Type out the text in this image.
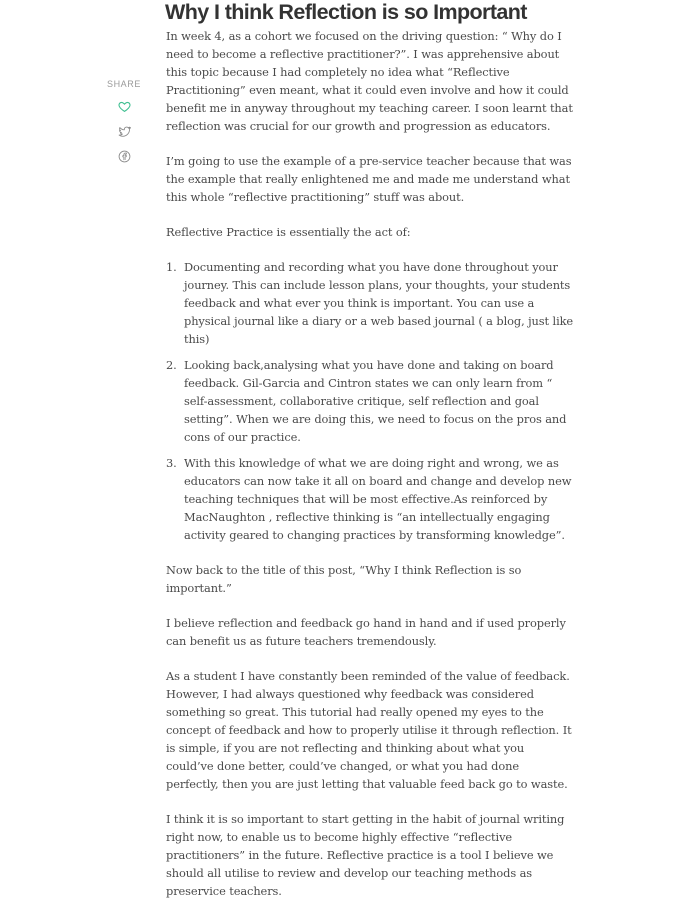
Why I think Reflection is so Important
SHARE

In week 4, as a cohort we focused on the driving question: “ Why do I need to become a reflective practitioner?”. I was apprehensive about this topic because I had completely no idea what “Reflective Practitioning” even meant, what it could even involve and how it could benefit me in anyway throughout my teaching career. I soon learnt that reflection was crucial for our growth and progression as educators.

I’m going to use the example of a pre-service teacher because that was the example that really enlightened me and made me understand what this whole “reflective practitioning” stuff was about.

Reflective Practice is essentially the act of:

1. Documenting and recording what you have done throughout your journey. This can include lesson plans, your thoughts, your students feedback and what ever you think is important. You can use a physical journal like a diary or a web based journal ( a blog, just like this)
2. Looking back,analysing what you have done and taking on board feedback. Gil-Garcia and Cintron states we can only learn from “ self-assessment, collaborative critique, self reflection and goal setting”. When we are doing this, we need to focus on the pros and cons of our practice.
3. With this knowledge of what we are doing right and wrong, we as educators can now take it all on board and change and develop new teaching techniques that will be most effective.As reinforced by MacNaughton , reflective thinking is “an intellectually engaging activity geared to changing practices by transforming knowledge”.

Now back to the title of this post, “Why I think Reflection is so important.”

I believe reflection and feedback go hand in hand and if used properly can benefit us as future teachers tremendously.

As a student I have constantly been reminded of the value of feedback. However, I had always questioned why feedback was considered something so great. This tutorial had really opened my eyes to the concept of feedback and how to properly utilise it through reflection. It is simple, if you are not reflecting and thinking about what you could’ve done better, could’ve changed, or what you had done perfectly, then you are just letting that valuable feed back go to waste.

I think it is so important to start getting in the habit of journal writing right now, to enable us to become highly effective “reflective practitioners” in the future. Reflective practice is a tool I believe we should all utilise to review and develop our teaching methods as preservice teachers.
